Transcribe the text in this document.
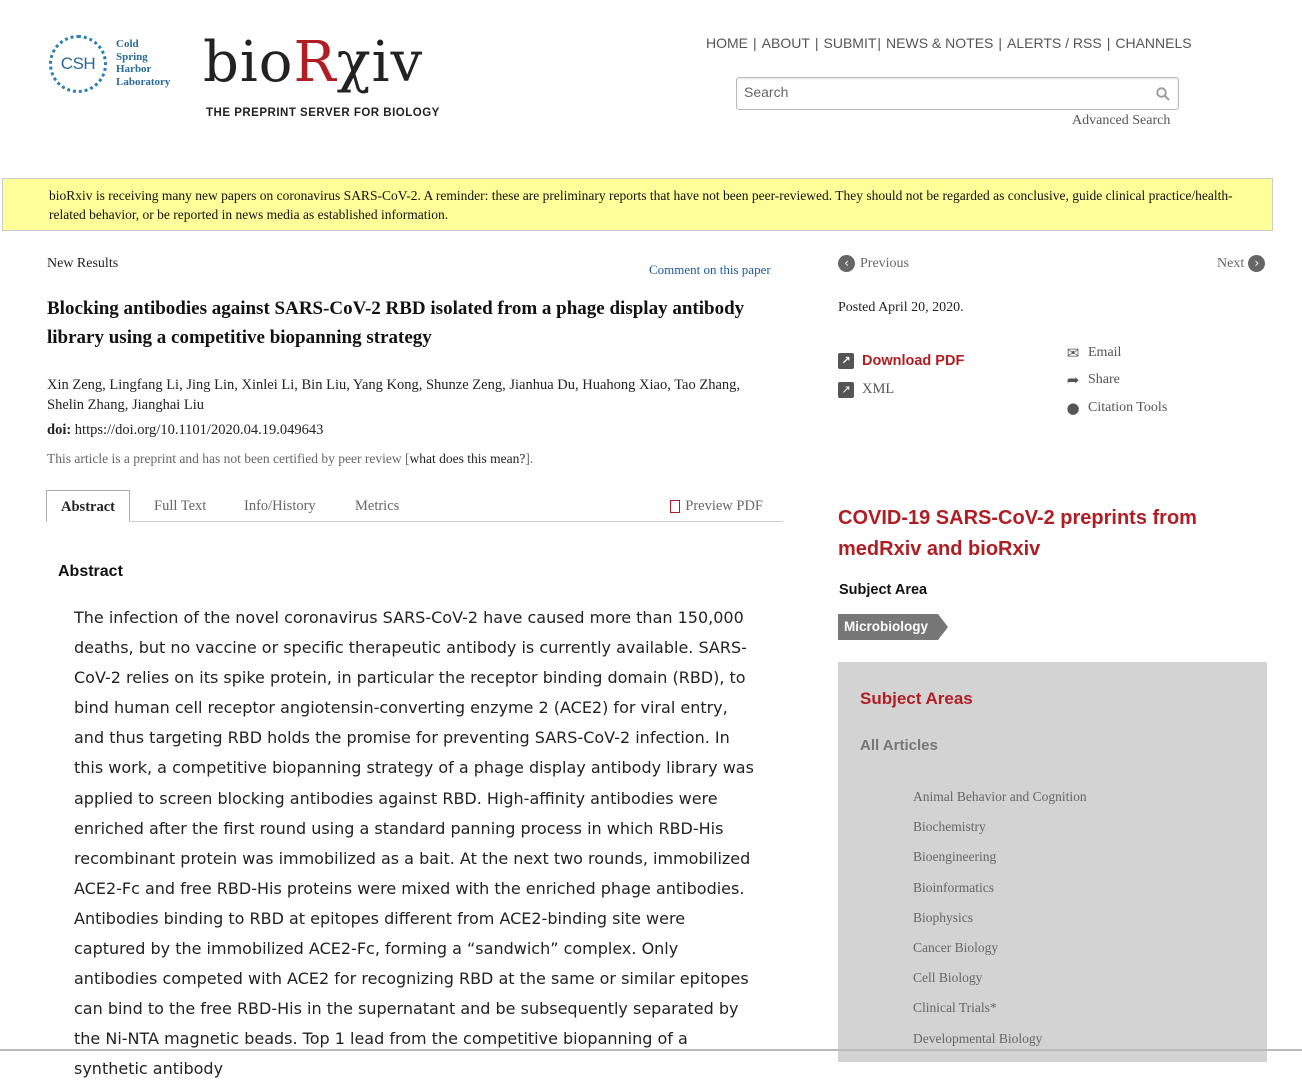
CSH
Cold
Spring
Harbor
Laboratory bioRχiv
THE PREPRINT SERVER FOR BIOLOGY
HOME | ABOUT | SUBMIT | NEWS & NOTES | ALERTS / RSS | CHANNELS
Search
Advanced Search
bioRxiv is receiving many new papers on coronavirus SARS-CoV-2. A reminder: these are preliminary reports that have not been peer-reviewed. They should not be regarded as conclusive, guide clinical practice/health-related behavior, or be reported in news media as established information.
New Results	Comment on this paper
Blocking antibodies against SARS-CoV-2 RBD isolated from a phage display antibody library using a competitive biopanning strategy
Xin Zeng, Lingfang Li, Jing Lin, Xinlei Li, Bin Liu, Yang Kong, Shunze Zeng, Jianhua Du, Huahong Xiao, Tao Zhang, Shelin Zhang, Jianghai Liu
doi: https://doi.org/10.1101/2020.04.19.049643
This article is a preprint and has not been certified by peer review [what does this mean?].
Abstract	Full Text	Info/History	Metrics	Preview PDF
Abstract

The infection of the novel coronavirus SARS-CoV-2 have caused more than 150,000 deaths, but no vaccine or specific therapeutic antibody is currently available. SARS-CoV-2 relies on its spike protein, in particular the receptor binding domain (RBD), to bind human cell receptor angiotensin-converting enzyme 2 (ACE2) for viral entry, and thus targeting RBD holds the promise for preventing SARS-CoV-2 infection. In this work, a competitive biopanning strategy of a phage display antibody library was applied to screen blocking antibodies against RBD. High-affinity antibodies were enriched after the first round using a standard panning process in which RBD-His recombinant protein was immobilized as a bait. At the next two rounds, immobilized ACE2-Fc and free RBD-His proteins were mixed with the enriched phage antibodies. Antibodies binding to RBD at epitopes different from ACE2-binding site were captured by the immobilized ACE2-Fc, forming a “sandwich” complex. Only antibodies competed with ACE2 for recognizing RBD at the same or similar epitopes can bind to the free RBD-His in the supernatant and be subsequently separated by the Ni-NTA magnetic beads. Top 1 lead from the competitive biopanning of a synthetic antibody

‹ Previous	Next ›
Posted April 20, 2020.
↗ Download PDF
↗ XML
✉ Email
➦ Share
● Citation Tools
COVID-19 SARS-CoV-2 preprints from medRxiv and bioRxiv
Subject Area
Microbiology
Subject Areas
All Articles
Animal Behavior and Cognition
Biochemistry
Bioengineering
Bioinformatics
Biophysics
Cancer Biology
Cell Biology
Clinical Trials*
Developmental Biology
